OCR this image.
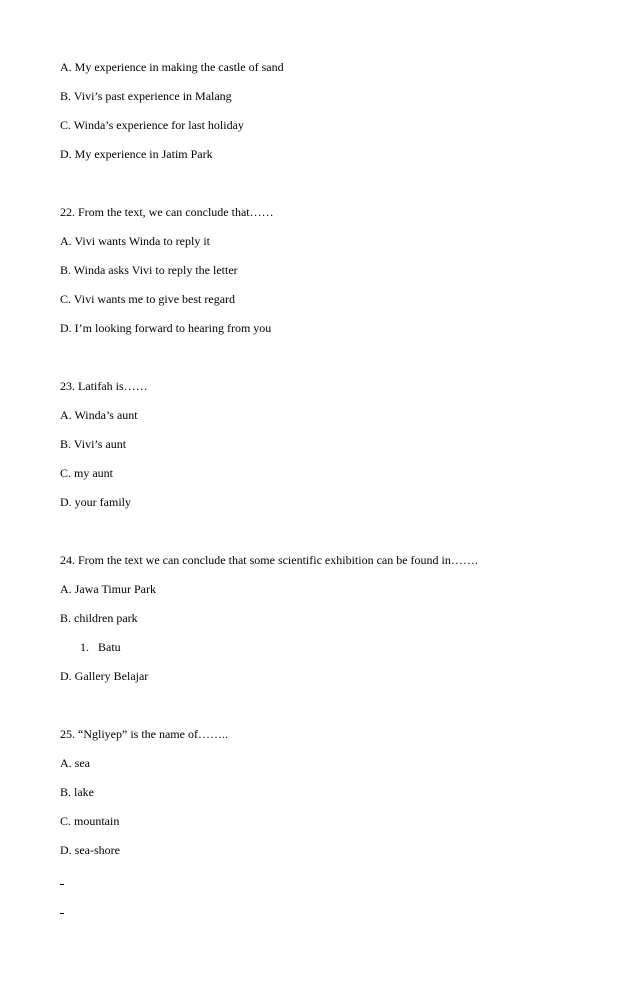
A. My experience in making the castle of sand
B. Vivi’s past experience in Malang
C. Winda’s experience for last holiday
D. My experience in Jatim Park
22. From the text, we can conclude that……
A. Vivi wants Winda to reply it
B. Winda asks Vivi to reply the letter
C. Vivi wants me to give best regard
D. I’m looking forward to hearing from you
23. Latifah is……
A. Winda’s aunt
B. Vivi’s aunt
C. my aunt
D. your family
24. From the text we can conclude that some scientific exhibition can be found in…….
A. Jawa Timur Park
B. children park
1. Batu
D. Gallery Belajar
25. “Ngliyep” is the name of……..
A. sea
B. lake
C. mountain
D. sea-shore
